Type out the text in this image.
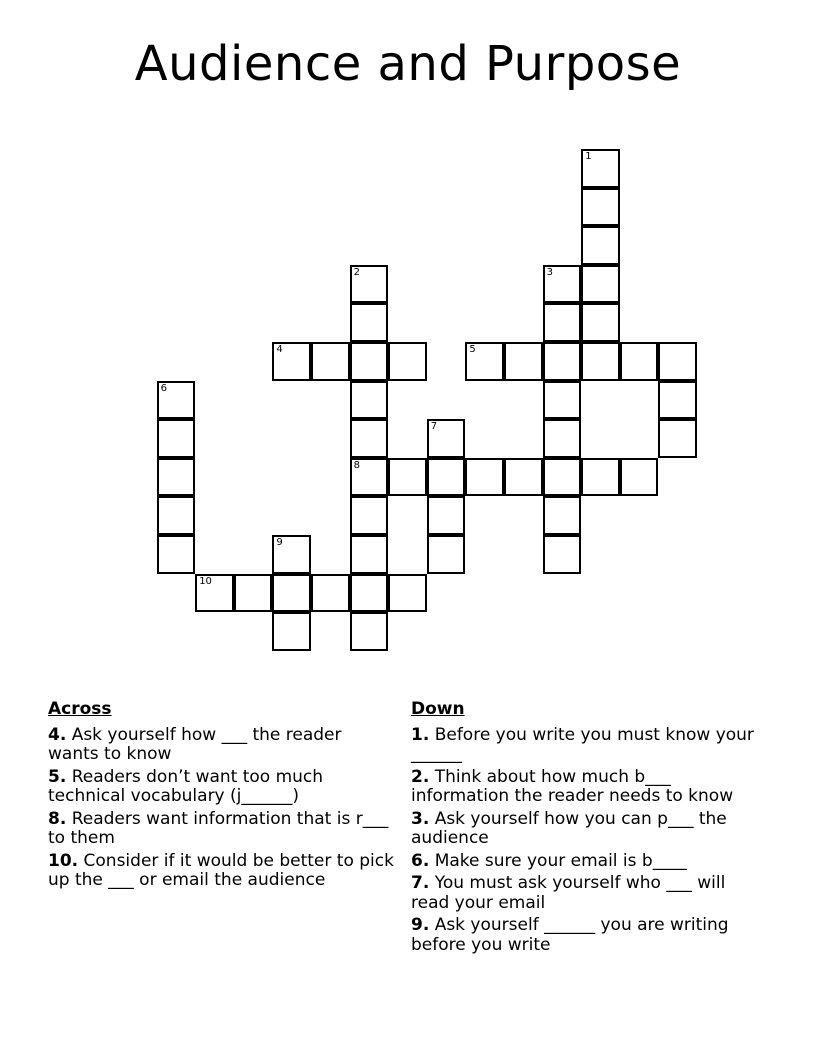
Audience and Purpose
1
2	3
4	5
6
7
8
9
10
Across
4. Ask yourself how ___ the reader wants to know
5. Readers don’t want too much technical vocabulary (j______)
8. Readers want information that is r___ to them
10. Consider if it would be better to pick up the ___ or email the audience
Down
1. Before you write you must know your ______
2. Think about how much b___ information the reader needs to know
3. Ask yourself how you can p___ the audience
6. Make sure your email is b____
7. You must ask yourself who ___ will read your email
9. Ask yourself ______ you are writing before you write
